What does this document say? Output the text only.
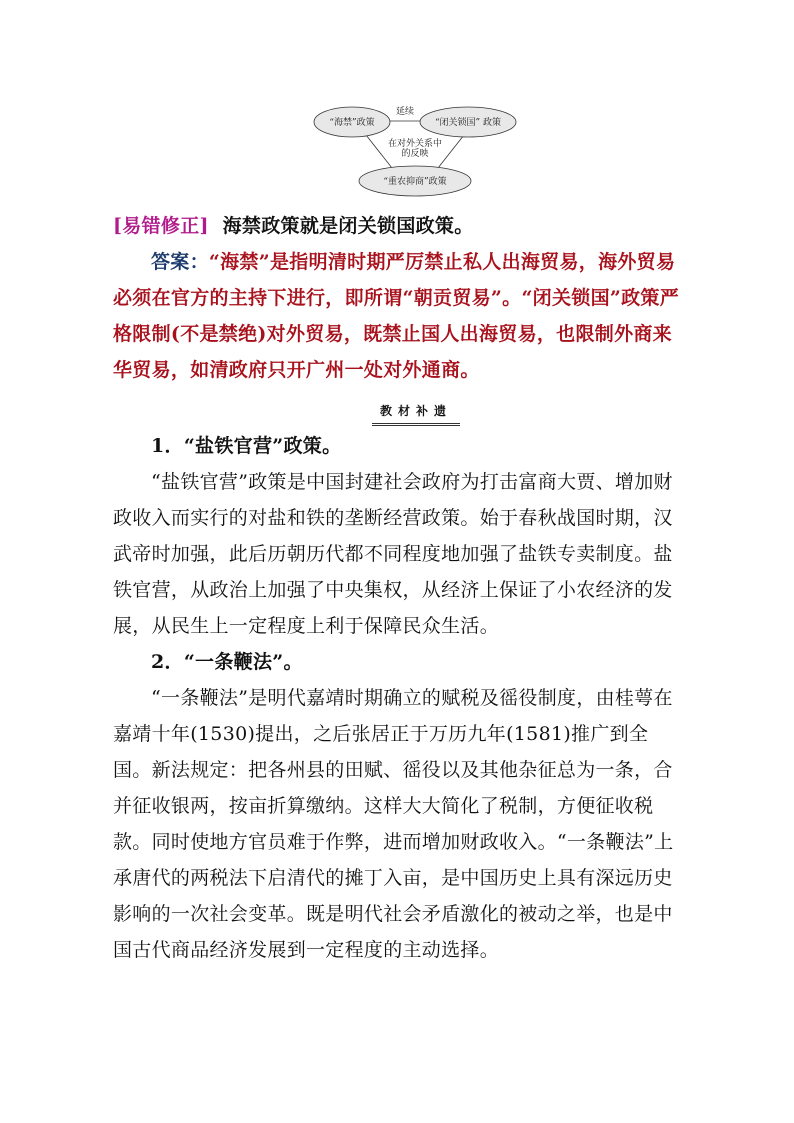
“海禁”政策	“闭关锁国” 政策
“重农抑商”政策
延续
在对外关系中
的反映
[易错修正] 海禁政策就是闭关锁国政策。
答案：“海禁”是指明清时期严厉禁止私人出海贸易，海外贸易必须在官方的主持下进行，即所谓“朝贡贸易”。“闭关锁国”政策严格限制(不是禁绝)对外贸易，既禁止国人出海贸易，也限制外商来华贸易，如清政府只开广州一处对外通商。
教材补遗
1．“盐铁官营”政策。
“盐铁官营”政策是中国封建社会政府为打击富商大贾、增加财政收入而实行的对盐和铁的垄断经营政策。始于春秋战国时期，汉武帝时加强，此后历朝历代都不同程度地加强了盐铁专卖制度。盐铁官营，从政治上加强了中央集权，从经济上保证了小农经济的发展，从民生上一定程度上利于保障民众生活。
2．“一条鞭法”。
“一条鞭法”是明代嘉靖时期确立的赋税及徭役制度，由桂萼在嘉靖十年(1530)提出，之后张居正于万历九年(1581)推广到全国。新法规定：把各州县的田赋、徭役以及其他杂征总为一条，合并征收银两，按亩折算缴纳。这样大大简化了税制，方便征收税款。同时使地方官员难于作弊，进而增加财政收入。“一条鞭法”上承唐代的两税法下启清代的摊丁入亩，是中国历史上具有深远历史影响的一次社会变革。既是明代社会矛盾激化的被动之举，也是中国古代商品经济发展到一定程度的主动选择。
